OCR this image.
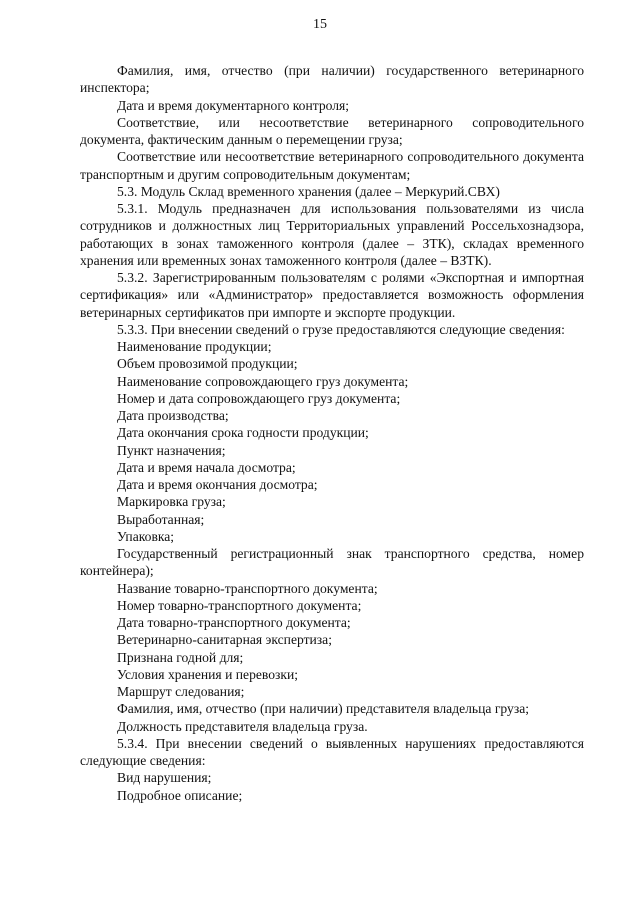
15

Фамилия, имя, отчество (при наличии) государственного ветеринарного инспектора;

Дата и время документарного контроля;

Соответствие, или несоответствие ветеринарного сопроводительного документа, фактическим данным о перемещении груза;

Соответствие или несоответствие ветеринарного сопроводительного документа транспортным и другим сопроводительным документам;

5.3. Модуль Склад временного хранения (далее – Меркурий.СВХ)

5.3.1. Модуль предназначен для использования пользователями из числа сотрудников и должностных лиц Территориальных управлений Россельхознадзора, работающих в зонах таможенного контроля (далее – ЗТК), складах временного хранения или временных зонах таможенного контроля (далее – ВЗТК).

5.3.2. Зарегистрированным пользователям с ролями «Экспортная и импортная сертификация» или «Администратор» предоставляется возможность оформления ветеринарных сертификатов при импорте и экспорте продукции.

5.3.3. При внесении сведений о грузе предоставляются следующие сведения:

Наименование продукции;

Объем провозимой продукции;

Наименование сопровождающего груз документа;

Номер и дата сопровождающего груз документа;

Дата производства;

Дата окончания срока годности продукции;

Пункт назначения;

Дата и время начала досмотра;

Дата и время окончания досмотра;

Маркировка груза;

Выработанная;

Упаковка;

Государственный регистрационный знак транспортного средства, номер контейнера);

Название товарно-транспортного документа;

Номер товарно-транспортного документа;

Дата товарно-транспортного документа;

Ветеринарно-санитарная экспертиза;

Признана годной для;

Условия хранения и перевозки;

Маршрут следования;

Фамилия, имя, отчество (при наличии) представителя владельца груза;

Должность представителя владельца груза.

5.3.4. При внесении сведений о выявленных нарушениях предоставляются следующие сведения:

Вид нарушения;

Подробное описание;
